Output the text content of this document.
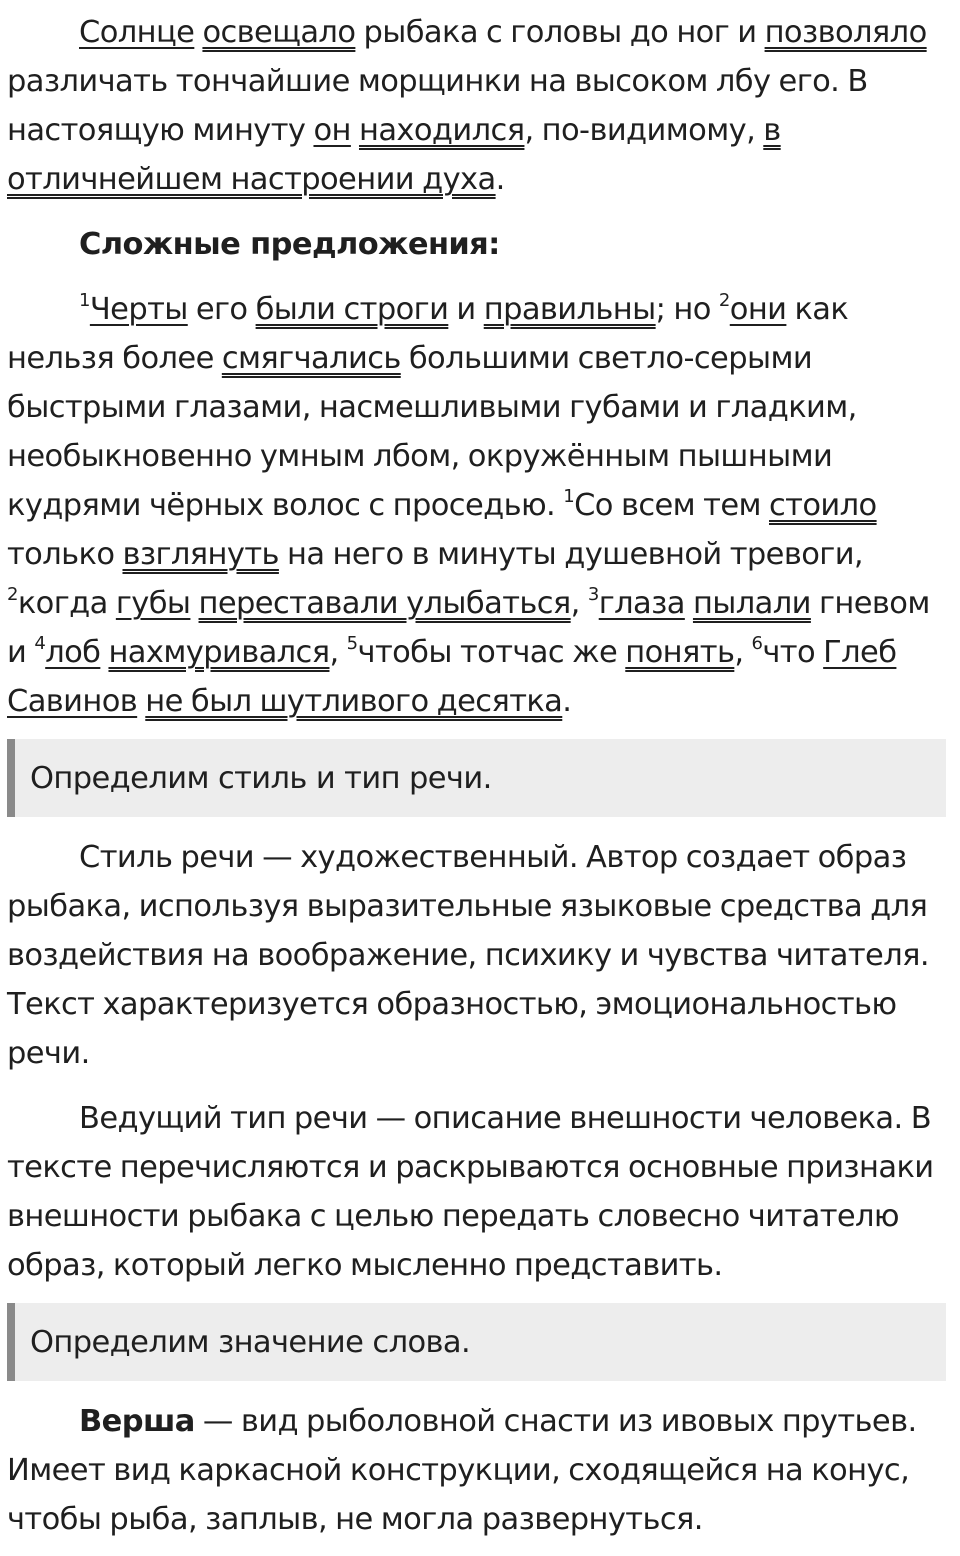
Солнце освещало рыбака с головы до ног и позволяло различать тончайшие морщинки на высоком лбу его. В настоящую минуту он находился, по-видимому, в отличнейшем настроении духа.

Сложные предложения:

$^1$Черты его были строги и правильны; но $^2$они как нельзя более смягчались большими светло-серыми быстрыми глазами, насмешливыми губами и гладким, необыкновенно умным лбом, окружённым пышными кудрями чёрных волос с проседью. $^1$Со всем тем стоило только взглянуть на него в минуты душевной тревоги, $^2$когда губы переставали улыбаться, $^3$глаза пылали гневом и $^4$лоб нахмуривался, $^5$чтобы тотчас же понять, $^6$что Глеб Савинов не был шутливого десятка.

Определим стиль и тип речи.

Стиль речи — художественный. Автор создает образ рыбака, используя выразительные языковые средства для воздействия на воображение, психику и чувства читателя. Текст характеризуется образностью, эмоциональностью речи.

Ведущий тип речи — описание внешности человека. В тексте перечисляются и раскрываются основные признаки внешности рыбака с целью передать словесно читателю образ, который легко мысленно представить.

Определим значение слова.

Верша — вид рыболовной снасти из ивовых прутьев. Имеет вид каркасной конструкции, сходящейся на конус, чтобы рыба, заплыв, не могла развернуться.
